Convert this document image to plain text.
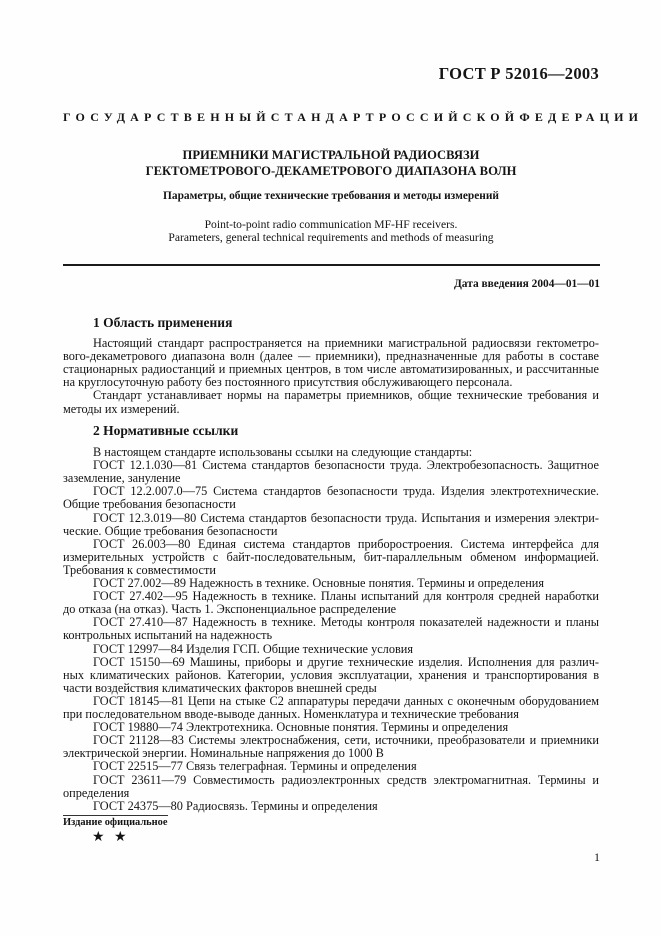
ГОСТ Р 52016—2003
ГОСУДАРСТВЕННЫЙ СТАНДАРТ РОССИЙСКОЙ ФЕДЕРАЦИИ
ПРИЕМНИКИ МАГИСТРАЛЬНОЙ РАДИОСВЯЗИ
ГЕКТОМЕТРОВОГО-ДЕКАМЕТРОВОГО ДИАПАЗОНА ВОЛН
Параметры, общие технические требования и методы измерений
Point-to-point radio communication MF-HF receivers.
Parameters, general technical requirements and methods of measuring
Дата введения 2004—01—01
1 Область применения
Настоящий стандарт распространяется на приемники магистральной радиосвязи гектометро-
вого-декаметрового диапазона волн (далее — приемники), предназначенные для работы в составе
стационарных радиостанций и приемных центров, в том числе автоматизированных, и рассчитанные
на круглосуточную работу без постоянного присутствия обслуживающего персонала.
Стандарт устанавливает нормы на параметры приемников, общие технические требования и
методы их измерений.
2 Нормативные ссылки
В настоящем стандарте использованы ссылки на следующие стандарты:
ГОСТ 12.1.030—81 Система стандартов безопасности труда. Электробезопасность. Защитное
заземление, зануление
ГОСТ 12.2.007.0—75 Система стандартов безопасности труда. Изделия электротехнические.
Общие требования безопасности
ГОСТ 12.3.019—80 Система стандартов безопасности труда. Испытания и измерения электри-
ческие. Общие требования безопасности
ГОСТ 26.003—80 Единая система стандартов приборостроения. Система интерфейса для
измерительных устройств с байт-последовательным, бит-параллельным обменом информацией.
Требования к совместимости
ГОСТ 27.002—89 Надежность в технике. Основные понятия. Термины и определения
ГОСТ 27.402—95 Надежность в технике. Планы испытаний для контроля средней наработки
до отказа (на отказ). Часть 1. Экспоненциальное распределение
ГОСТ 27.410—87 Надежность в технике. Методы контроля показателей надежности и планы
контрольных испытаний на надежность
ГОСТ 12997—84 Изделия ГСП. Общие технические условия
ГОСТ 15150—69 Машины, приборы и другие технические изделия. Исполнения для различ-
ных климатических районов. Категории, условия эксплуатации, хранения и транспортирования в
части воздействия климатических факторов внешней среды
ГОСТ 18145—81 Цепи на стыке С2 аппаратуры передачи данных с оконечным оборудованием
при последовательном вводе-выводе данных. Номенклатура и технические требования
ГОСТ 19880—74 Электротехника. Основные понятия. Термины и определения
ГОСТ 21128—83 Системы электроснабжения, сети, источники, преобразователи и приемники
электрической энергии. Номинальные напряжения до 1000 В
ГОСТ 22515—77 Связь телеграфная. Термины и определения
ГОСТ 23611—79 Совместимость радиоэлектронных средств электромагнитная. Термины и
определения
ГОСТ 24375—80 Радиосвязь. Термины и определения
Издание официальное
★ ★
1
